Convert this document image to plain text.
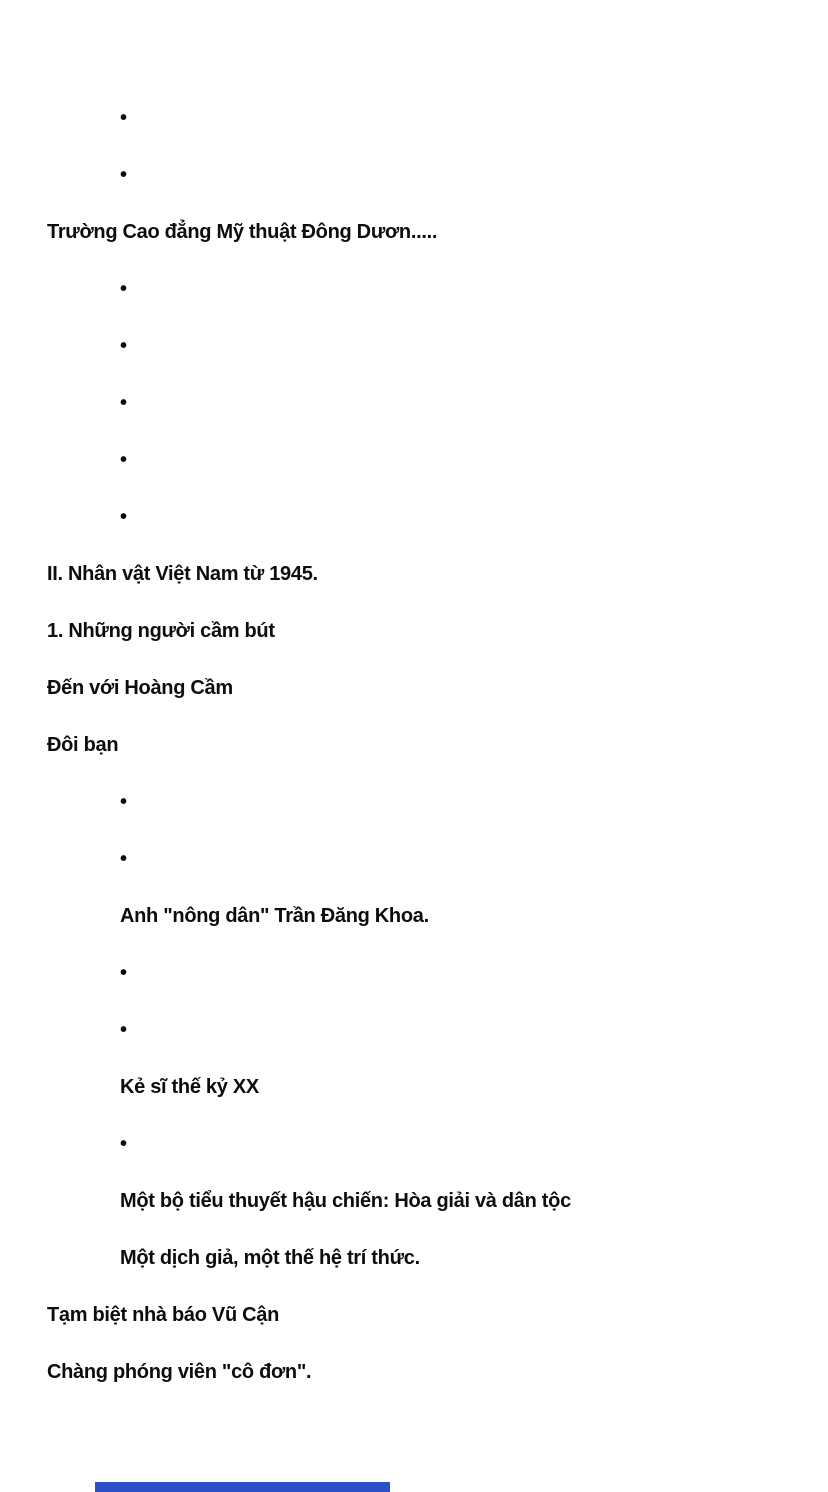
•
•
Trường Cao đẳng Mỹ thuật Đông Dươn.....
•
•
•
•
•
II. Nhân vật Việt Nam từ 1945.
1. Những người cầm bút
Đến với Hoàng Cầm
Đôi bạn
•
•
Anh "nông dân" Trần Đăng Khoa.
•
•
Kẻ sĩ thế kỷ XX
•
Một bộ tiểu thuyết hậu chiến: Hòa giải và dân tộc
Một dịch giả, một thế hệ trí thức.
Tạm biệt nhà báo Vũ Cận
Chàng phóng viên "cô đơn".
